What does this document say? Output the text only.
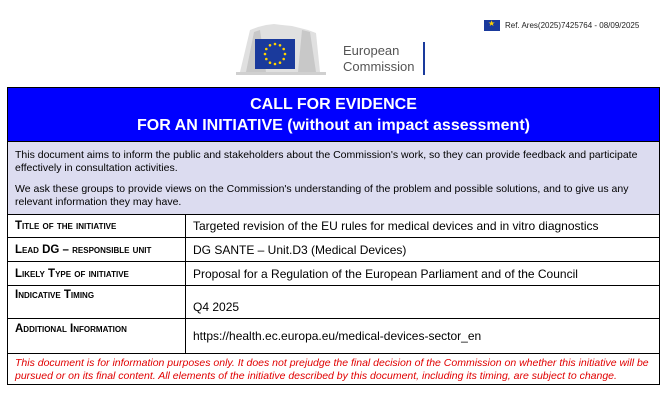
★
Ref. Ares(2025)7425764 - 08/09/2025
European
Commission
CALL FOR EVIDENCE
FOR AN INITIATIVE (without an impact assessment)

This document aims to inform the public and stakeholders about the Commission's work, so they can provide feedback and participate effectively in consultation activities.

We ask these groups to provide views on the Commission's understanding of the problem and possible solutions, and to give us any relevant information they may have.

Title of the initiative	Targeted revision of the EU rules for medical devices and in vitro diagnostics
Lead DG – responsible unit	DG SANTE – Unit.D3 (Medical Devices)
Likely Type of initiative	Proposal for a Regulation of the European Parliament and of the Council
Indicative Timing	Q4 2025
Additional Information	https://health.ec.europa.eu/medical-devices-sector_en
This document is for information purposes only. It does not prejudge the final decision of the Commission on whether this initiative will be pursued or on its final content. All elements of the initiative described by this document, including its timing, are subject to change.
